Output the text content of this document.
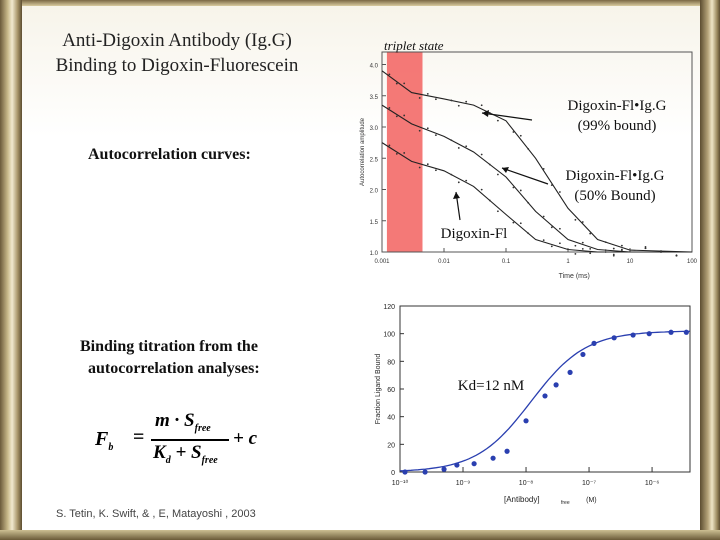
Anti-Digoxin Antibody (Ig.G)
Binding to Digoxin-Fluorescein
Autocorrelation curves:
Binding titration from the
autocorrelation analyses:
$F_b$ =
$m \cdot S_{free}$
$K_d + S_{free}$
+ c
S. Tetin, K. Swift, & , E, Matayoshi , 2003
1.0
1.5
2.0
2.5
3.0
3.5
4.0
0.001	0.01	0.1	1	10	100
Time (ms)
Autocorrelation amplitude
Digoxin-Fl•Ig.G
(99% bound)
Digoxin-Fl•Ig.G
(50% Bound)
Digoxin-Fl
triplet state
0
20
40
60
80
100
120
10⁻¹⁰	10⁻⁹	10⁻⁸	10⁻⁷	10⁻⁶
[Antibody]	free (M)
Fraction Ligand Bound	Kd=12 nM
